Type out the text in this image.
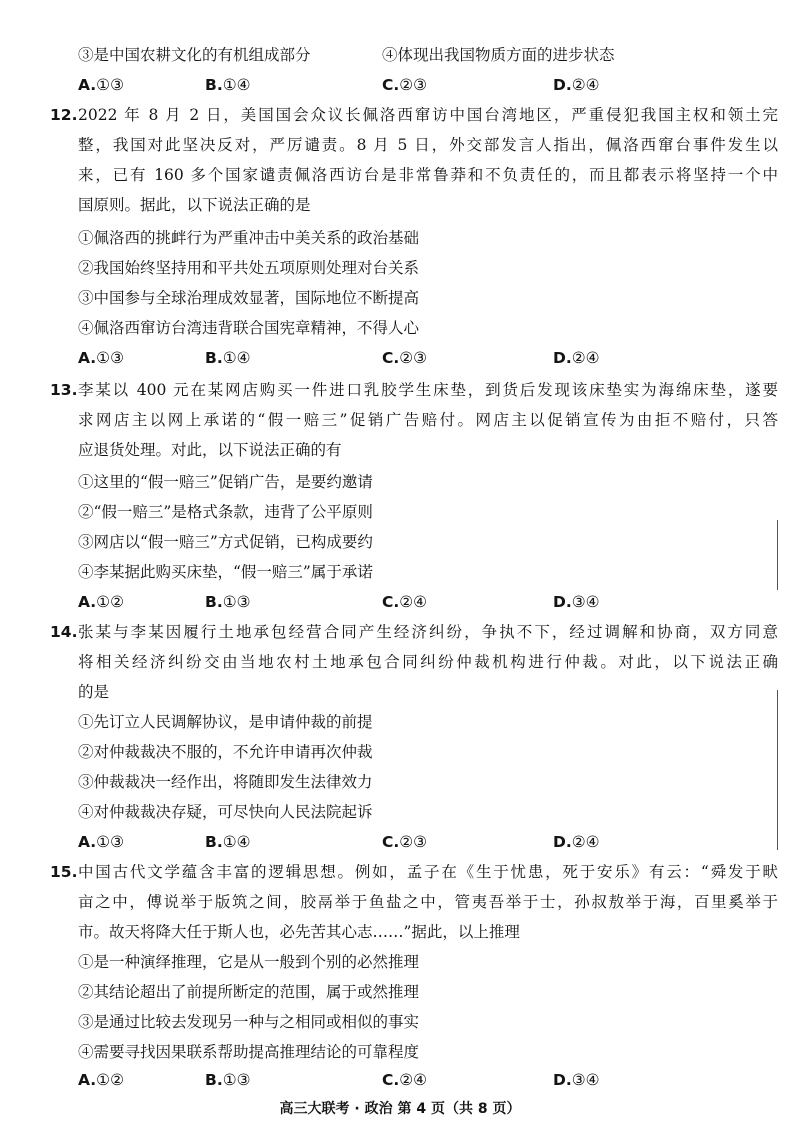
③是中国农耕文化的有机组成部分	④体现出我国物质方面的进步状态
A.①③	B.①④	C.②③	D.②④
12. 2022 年 8 月 2 日，美国国会众议长佩洛西窜访中国台湾地区，严重侵犯我国主权和领土完
整，我国对此坚决反对，严厉谴责。8 月 5 日，外交部发言人指出，佩洛西窜台事件发生以
来，已有 160 多个国家谴责佩洛西访台是非常鲁莽和不负责任的，而且都表示将坚持一个中
国原则。据此，以下说法正确的是
①佩洛西的挑衅行为严重冲击中美关系的政治基础
②我国始终坚持用和平共处五项原则处理对台关系
③中国参与全球治理成效显著，国际地位不断提高
④佩洛西窜访台湾违背联合国宪章精神，不得人心
A.①③	B.①④	C.②③	D.②④
13. 李某以 400 元在某网店购买一件进口乳胶学生床垫，到货后发现该床垫实为海绵床垫，遂要
求网店主以网上承诺的“假一赔三”促销广告赔付。网店主以促销宣传为由拒不赔付，只答
应退货处理。对此，以下说法正确的有
①这里的“假一赔三”促销广告，是要约邀请
②“假一赔三”是格式条款，违背了公平原则
③网店以“假一赔三”方式促销，已构成要约
④李某据此购买床垫，“假一赔三”属于承诺
A.①②	B.①③	C.②④	D.③④
14. 张某与李某因履行土地承包经营合同产生经济纠纷，争执不下，经过调解和协商，双方同意
将相关经济纠纷交由当地农村土地承包合同纠纷仲裁机构进行仲裁。对此，以下说法正确
的是
①先订立人民调解协议，是申请仲裁的前提
②对仲裁裁决不服的，不允许申请再次仲裁
③仲裁裁决一经作出，将随即发生法律效力
④对仲裁裁决存疑，可尽快向人民法院起诉
A.①③	B.①④	C.②③	D.②④
15. 中国古代文学蕴含丰富的逻辑思想。例如，孟子在《生于忧患，死于安乐》有云：“舜发于畎
亩之中，傅说举于版筑之间，胶鬲举于鱼盐之中，管夷吾举于士，孙叔敖举于海，百里奚举于
市。故天将降大任于斯人也，必先苦其心志……”据此，以上推理
①是一种演绎推理，它是从一般到个别的必然推理
②其结论超出了前提所断定的范围，属于或然推理
③是通过比较去发现另一种与之相同或相似的事实
④需要寻找因果联系帮助提高推理结论的可靠程度
A.①②	B.①③	C.②④	D.③④
高三大联考 · 政治 第 4 页（共 8 页）
